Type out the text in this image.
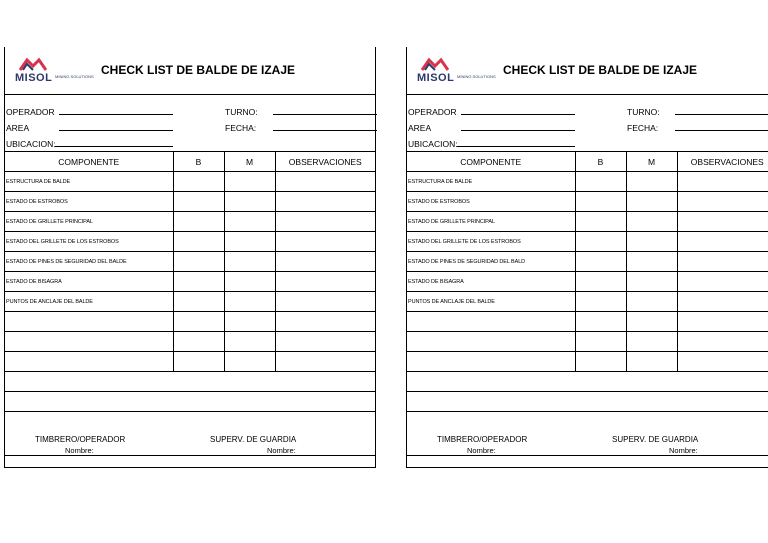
MISOL MINING SOLUTIONS CHECK LIST DE BALDE DE IZAJE
OPERADOR	TURNO:
AREA	FECHA:
UBICACION:
COMPONENTE	B	M	OBSERVACIONES
ESTRUCTURA DE BALDE			
ESTADO DE ESTROBOS			
ESTADO DE GRILLETE PRINCIPAL			
ESTADO DEL GRILLETE DE LOS ESTROBOS			
ESTADO DE PINES DE SEGURIDAD DEL BALDE			
ESTADO DE BISAGRA			
PUNTOS DE ANCLAJE DEL BALDE			

TIMBRERO/OPERADOR	SUPERV. DE GUARDIA
Nombre:	Nombre:
MISOL MINING SOLUTIONS CHECK LIST DE BALDE DE IZAJE
OPERADOR	TURNO:
AREA	FECHA:
UBICACION:
COMPONENTE	B	M	OBSERVACIONES
ESTRUCTURA DE BALDE			
ESTADO DE ESTROBOS			
ESTADO DE GRILLETE PRINCIPAL			
ESTADO DEL GRILLETE DE LOS ESTROBOS			
ESTADO DE PINES DE SEGURIDAD DEL BALD			
ESTADO DE BISAGRA			
PUNTOS DE ANCLAJE DEL BALDE			

TIMBRERO/OPERADOR	SUPERV. DE GUARDIA
Nombre:	Nombre:
